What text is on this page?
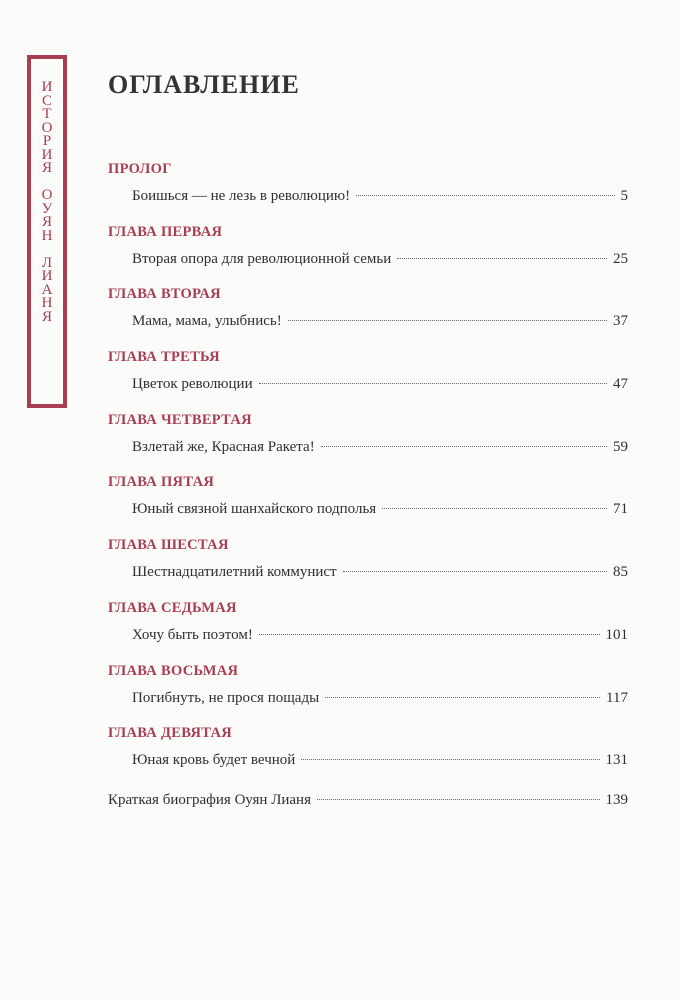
И
С
Т
О
Р
И
Я
О
У
Я
Н
Л
И
А
Н
Я
ОГЛАВЛЕНИЕ
ПРОЛОГ
Боишься — не лезь в революцию!	5
ГЛАВА ПЕРВАЯ
Вторая опора для революционной семьи	25
ГЛАВА ВТОРАЯ
Мама, мама, улыбнись!	37
ГЛАВА ТРЕТЬЯ
Цветок революции	47
ГЛАВА ЧЕТВЕРТАЯ
Взлетай же, Красная Ракета!	59
ГЛАВА ПЯТАЯ
Юный связной шанхайского подполья	71
ГЛАВА ШЕСТАЯ
Шестнадцатилетний коммунист	85
ГЛАВА СЕДЬМАЯ
Хочу быть поэтом!	101
ГЛАВА ВОСЬМАЯ
Погибнуть, не прося пощады	117
ГЛАВА ДЕВЯТАЯ
Юная кровь будет вечной	131
Краткая биография Оуян Лианя	139
